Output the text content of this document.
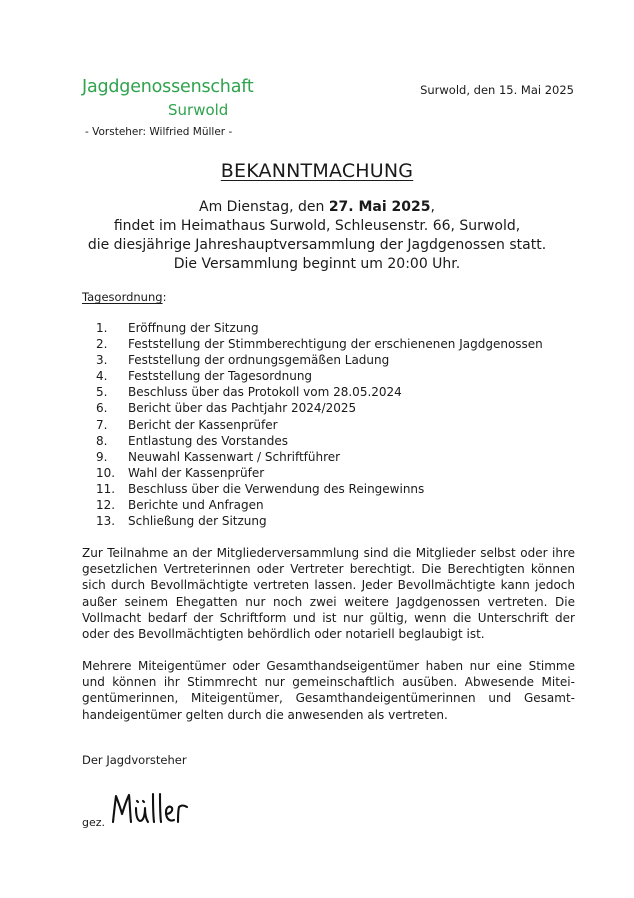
Jagdgenossenschaft
Surwold
- Vorsteher: Wilfried Müller -
Surwold, den 15. Mai 2025
BEKANNTMACHUNG
Am Dienstag, den 27. Mai 2025,
findet im Heimathaus Surwold, Schleusenstr. 66, Surwold,
die diesjährige Jahreshauptversammlung der Jagdgenossen statt.
Die Versammlung beginnt um 20:00 Uhr.
Tagesordnung:
1. Eröffnung der Sitzung
2. Feststellung der Stimmberechtigung der erschienenen Jagdgenossen
3. Feststellung der ordnungsgemäßen Ladung
4. Feststellung der Tagesordnung
5. Beschluss über das Protokoll vom 28.05.2024
6. Bericht über das Pachtjahr 2024/2025
7. Bericht der Kassenprüfer
8. Entlastung des Vorstandes
9. Neuwahl Kassenwart / Schriftführer
10. Wahl der Kassenprüfer
11. Beschluss über die Verwendung des Reingewinns
12. Berichte und Anfragen
13. Schließung der Sitzung
Zur Teilnahme an der Mitgliederversammlung sind die Mitglieder selbst oder ihre gesetzlichen Vertreterinnen oder Vertreter berechtigt. Die Berechtigten können sich durch Bevollmächtigte vertreten lassen. Jeder Bevollmächtigte kann jedoch außer seinem Ehegatten nur noch zwei weitere Jagdgenossen vertreten. Die Vollmacht bedarf der Schriftform und ist nur gültig, wenn die Unterschrift der oder des Bevollmächtigten behördlich oder notariell beglaubigt ist.
Mehrere Miteigentümer oder Gesamthandseigentümer haben nur eine Stimme und können ihr Stimmrecht nur gemeinschaftlich ausüben. Abwesende Miteigentümerinnen, Miteigentümer, Gesamthandeigentümerinnen und Gesamthandeigentümer gelten durch die anwesenden als vertreten.
Der Jagdvorsteher
gez.
